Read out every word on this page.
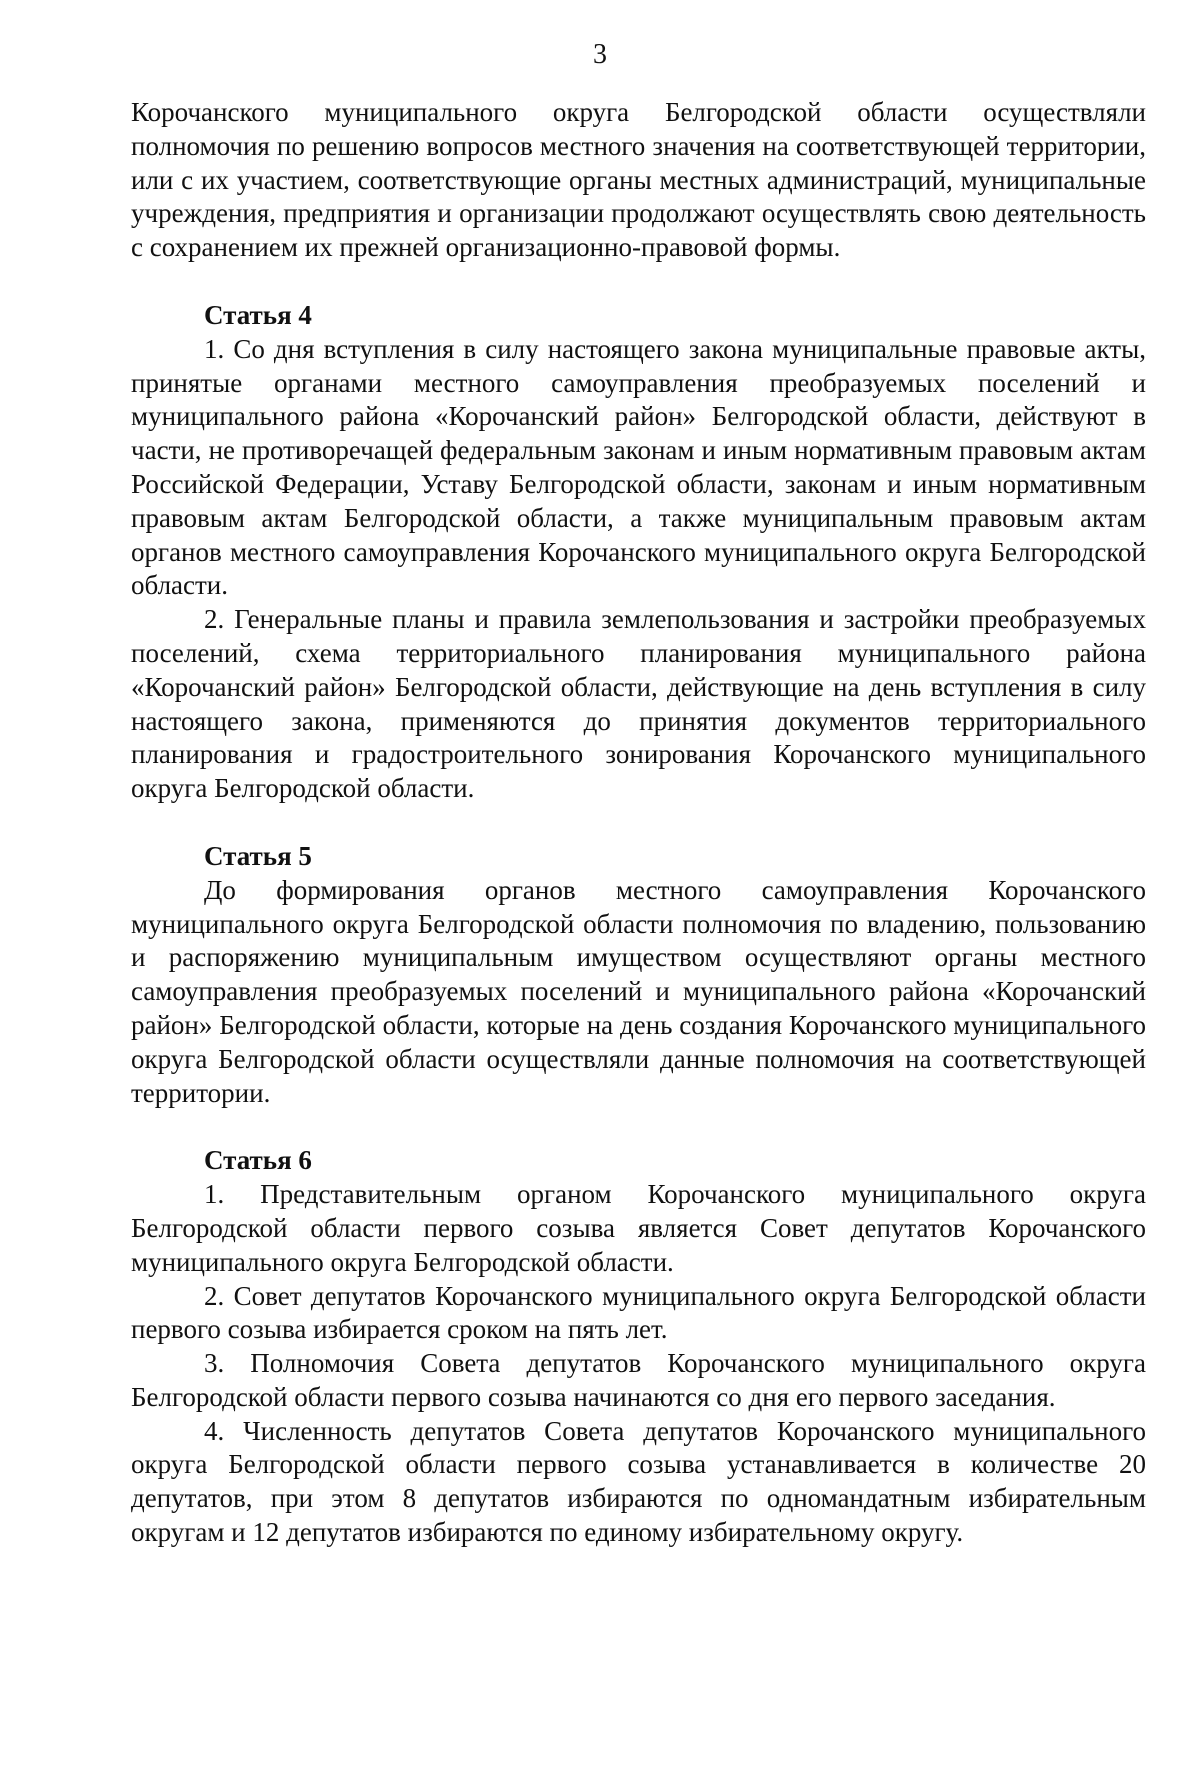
3

Корочанского муниципального округа Белгородской области осуществляли полномочия по решению вопросов местного значения на соответствующей территории, или с их участием, соответствующие органы местных администраций, муниципальные учреждения, предприятия и организации продолжают осуществлять свою деятельность с сохранением их прежней организационно-правовой формы.

Статья 4

1. Со дня вступления в силу настоящего закона муниципальные правовые акты, принятые органами местного самоуправления преобразуемых поселений и муниципального района «Корочанский район» Белгородской области, действуют в части, не противоречащей федеральным законам и иным нормативным правовым актам Российской Федерации, Уставу Белгородской области, законам и иным нормативным правовым актам Белгородской области, а также муниципальным правовым актам органов местного самоуправления Корочанского муниципального округа Белгородской области.

2. Генеральные планы и правила землепользования и застройки преобразуемых поселений, схема территориального планирования муниципального района «Корочанский район» Белгородской области, действующие на день вступления в силу настоящего закона, применяются до принятия документов территориального планирования и градостроительного зонирования Корочанского муниципального округа Белгородской области.

Статья 5

До формирования органов местного самоуправления Корочанского муниципального округа Белгородской области полномочия по владению, пользованию и распоряжению муниципальным имуществом осуществляют органы местного самоуправления преобразуемых поселений и муниципального района «Корочанский район» Белгородской области, которые на день создания Корочанского муниципального округа Белгородской области осуществляли данные полномочия на соответствующей территории.

Статья 6

1. Представительным органом Корочанского муниципального округа Белгородской области первого созыва является Совет депутатов Корочанского муниципального округа Белгородской области.

2. Совет депутатов Корочанского муниципального округа Белгородской области первого созыва избирается сроком на пять лет.

3. Полномочия Совета депутатов Корочанского муниципального округа Белгородской области первого созыва начинаются со дня его первого заседания.

4. Численность депутатов Совета депутатов Корочанского муниципального округа Белгородской области первого созыва устанавливается в количестве 20 депутатов, при этом 8 депутатов избираются по одномандатным избирательным округам и 12 депутатов избираются по единому избирательному округу.
